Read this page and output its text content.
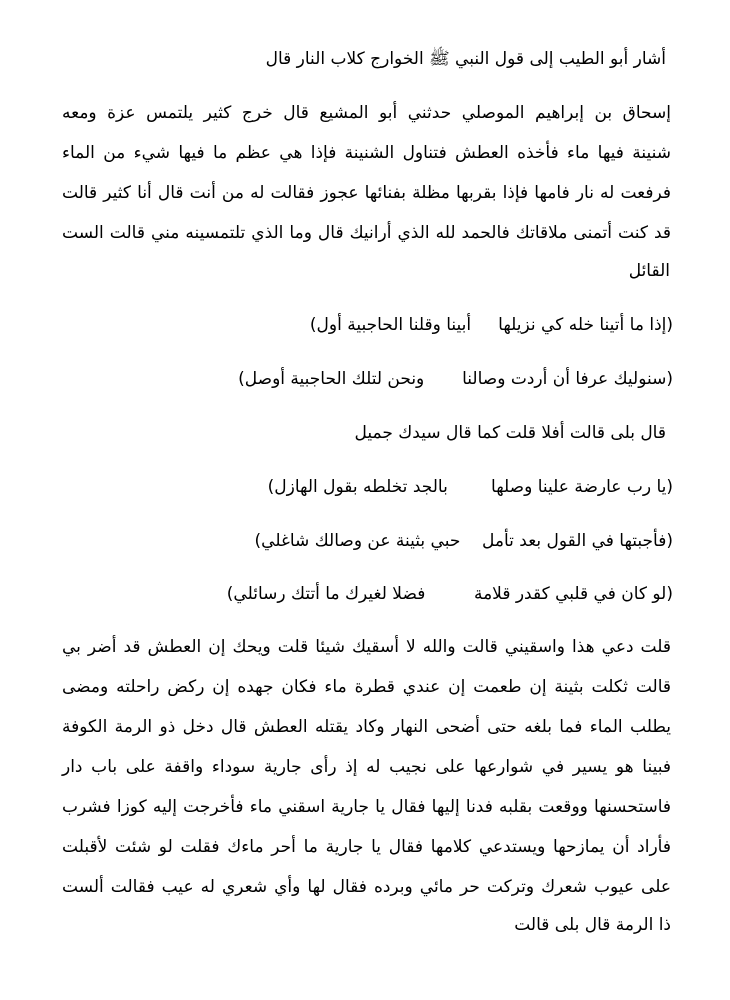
أشار أبو الطيب إلى قول النبي ﷺ الخوارج كلاب النار قال
إسحاق بن إبراهيم الموصلي حدثني أبو المشيع قال خرج كثير يلتمس عزة ومعه
شنينة فيها ماء فأخذه العطش فتناول الشنينة فإذا هي عظم ما فيها شيء من الماء
فرفعت له نار فامها فإذا بقربها مظلة بفنائها عجوز فقالت له من أنت قال أنا كثير قالت
قد كنت أتمنى ملاقاتك فالحمد لله الذي أرانيك قال وما الذي تلتمسينه مني قالت الست
القائل
(إذا ما أتينا خله كي نزيلها     أبينا وقلنا الحاجبية أول)
(سنوليك عرفا أن أردت وصالنا       ونحن لتلك الحاجبية أوصل)
قال بلى قالت أفلا قلت كما قال سيدك جميل
(يا رب عارضة علينا وصلها        بالجد تخلطه بقول الهازل)
(فأجبتها في القول بعد تأمل    حبي بثينة عن وصالك شاغلي)
(لو كان في قلبي كقدر قلامة         فضلا لغيرك ما أتتك رسائلي)
قلت دعي هذا واسقيني قالت والله لا أسقيك شيئا قلت ويحك إن العطش قد أضر بي
قالت ثكلت بثينة إن طعمت إن عندي قطرة ماء فكان جهده إن ركض راحلته ومضى
يطلب الماء فما بلغه حتى أضحى النهار وكاد يقتله العطش قال دخل ذو الرمة الكوفة
فبينا هو يسير في شوارعها على نجيب له إذ رأى جارية سوداء واقفة على باب دار
فاستحسنها ووقعت بقلبه فدنا إليها فقال يا جارية اسقني ماء فأخرجت إليه كوزا فشرب
فأراد أن يمازحها ويستدعي كلامها فقال يا جارية ما أحر ماءك فقلت لو شئت لأقبلت
على عيوب شعرك وتركت حر مائي وبرده فقال لها وأي شعري له عيب فقالت ألست
ذا الرمة قال بلى قالت
